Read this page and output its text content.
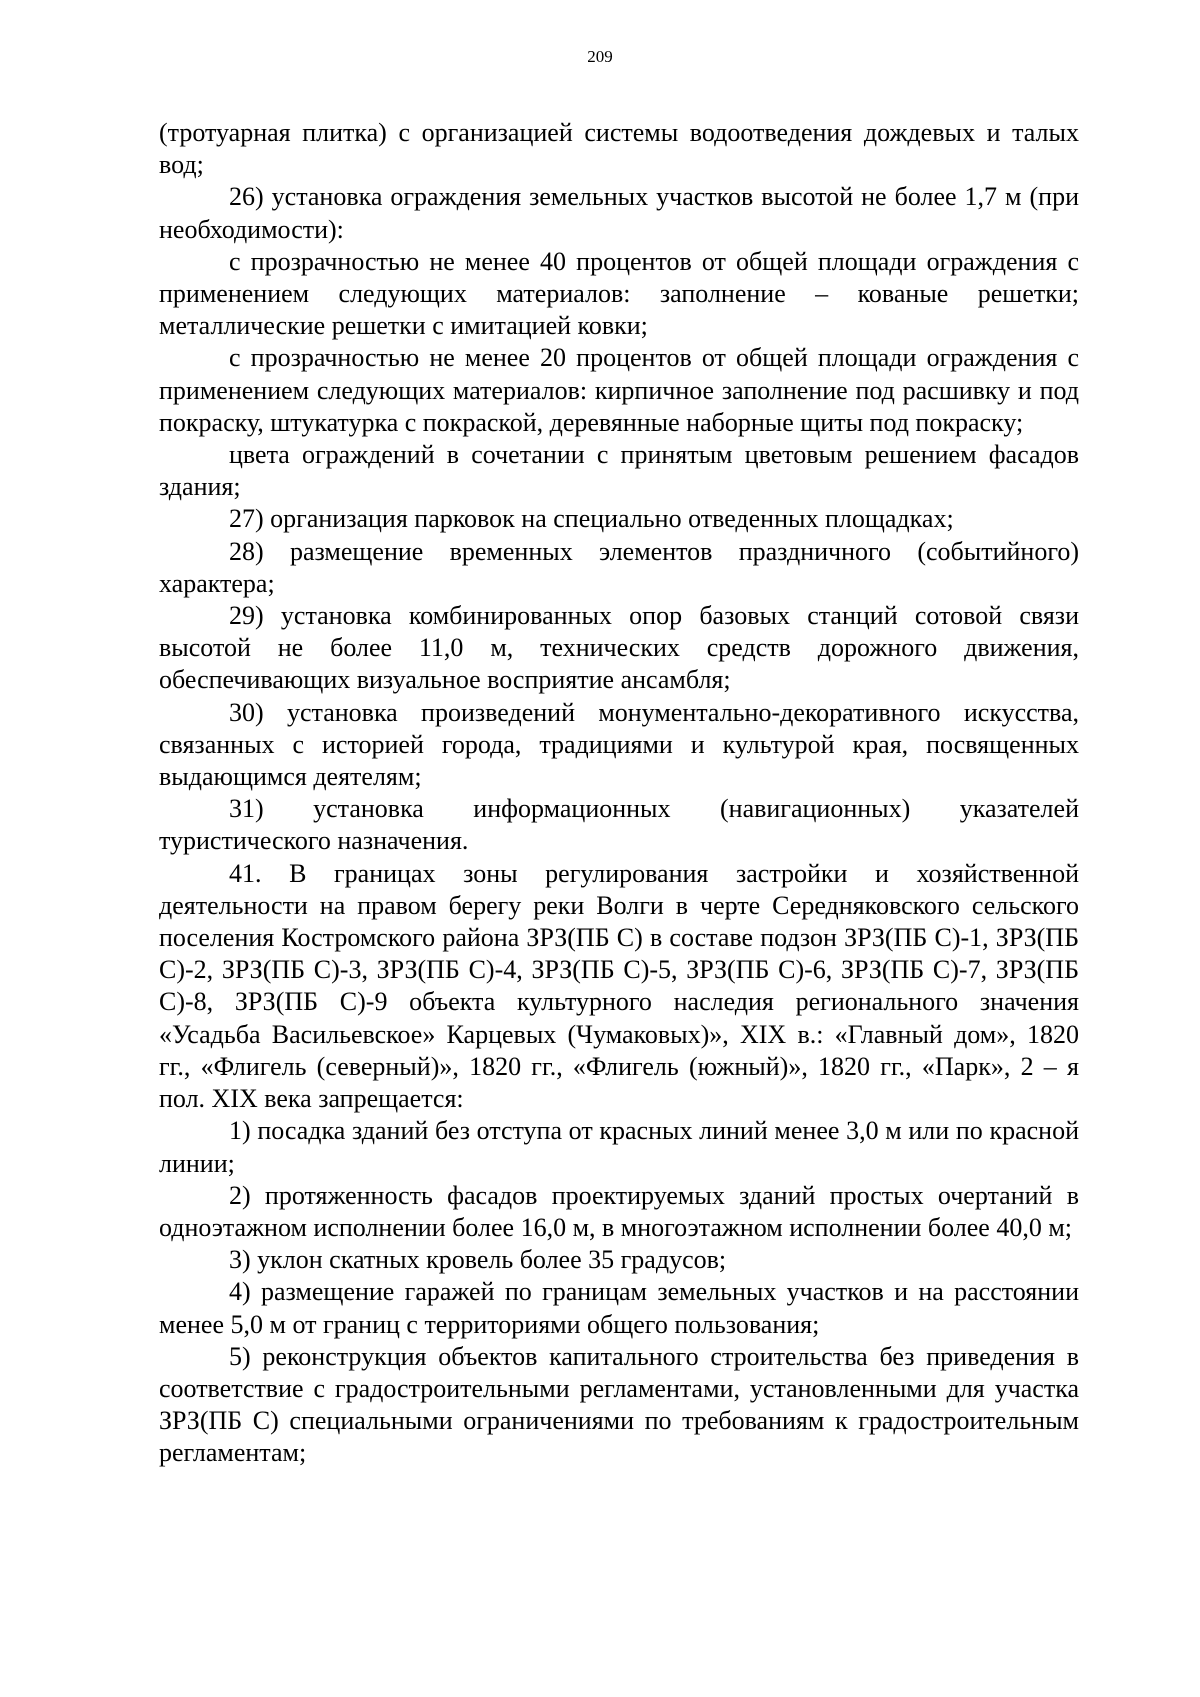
209

(тротуарная плитка) с организацией системы водоотведения дождевых и талых вод;

26) установка ограждения земельных участков высотой не более 1,7 м (при необходимости):

с прозрачностью не менее 40 процентов от общей площади ограждения с применением следующих материалов: заполнение – кованые решетки; металлические решетки с имитацией ковки;

с прозрачностью не менее 20 процентов от общей площади ограждения с применением следующих материалов: кирпичное заполнение под расшивку и под покраску, штукатурка с покраской, деревянные наборные щиты под покраску;

цвета ограждений в сочетании с принятым цветовым решением фасадов здания;

27) организация парковок на специально отведенных площадках;

28) размещение временных элементов праздничного (событийного) характера;

29) установка комбинированных опор базовых станций сотовой связи высотой не более 11,0 м, технических средств дорожного движения, обеспечивающих визуальное восприятие ансамбля;

30) установка произведений монументально-декоративного искусства, связанных с историей города, традициями и культурой края, посвященных выдающимся деятелям;

31) установка информационных (навигационных) указателей туристического назначения.

41. В границах зоны регулирования застройки и хозяйственной деятельности на правом берегу реки Волги в черте Середняковского сельского поселения Костромского района ЗРЗ(ПБ С) в составе подзон ЗРЗ(ПБ С)-1, ЗРЗ(ПБ С)-2, ЗРЗ(ПБ С)-3, ЗРЗ(ПБ С)-4, ЗРЗ(ПБ С)-5, ЗРЗ(ПБ С)-6, ЗРЗ(ПБ С)-7, ЗРЗ(ПБ С)-8, ЗРЗ(ПБ С)-9 объекта культурного наследия регионального значения «Усадьба Васильевское» Карцевых (Чумаковых)», XIX в.: «Главный дом», 1820 гг., «Флигель (северный)», 1820 гг., «Флигель (южный)», 1820 гг., «Парк», 2 – я пол. XIX века запрещается:

1) посадка зданий без отступа от красных линий менее 3,0 м или по красной линии;

2) протяженность фасадов проектируемых зданий простых очертаний в одноэтажном исполнении более 16,0 м, в многоэтажном исполнении более 40,0 м;

3) уклон скатных кровель более 35 градусов;

4) размещение гаражей по границам земельных участков и на расстоянии менее 5,0 м от границ с территориями общего пользования;

5) реконструкция объектов капитального строительства без приведения в соответствие с градостроительными регламентами, установленными для участка ЗРЗ(ПБ С) специальными ограничениями по требованиям к градостроительным регламентам;
